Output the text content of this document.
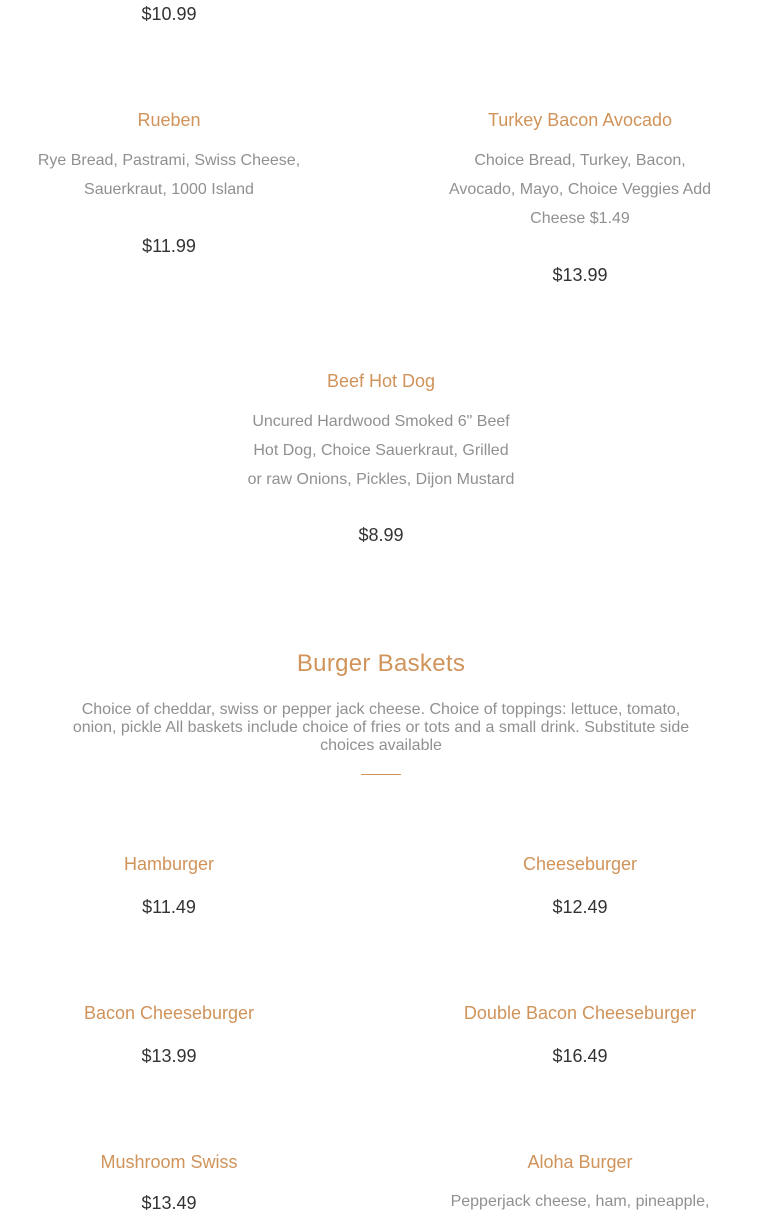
$10.99
Rueben
Rye Bread, Pastrami, Swiss Cheese,
Sauerkraut, 1000 Island
$11.99
Turkey Bacon Avocado
Choice Bread, Turkey, Bacon,
Avocado, Mayo, Choice Veggies Add
Cheese $1.49
$13.99
Beef Hot Dog
Uncured Hardwood Smoked 6" Beef
Hot Dog, Choice Sauerkraut, Grilled
or raw Onions, Pickles, Dijon Mustard
$8.99
Burger Baskets
Choice of cheddar, swiss or pepper jack cheese. Choice of toppings: lettuce, tomato,
onion, pickle All baskets include choice of fries or tots and a small drink. Substitute side
choices available
Hamburger
$11.49
Cheeseburger
$12.49
Bacon Cheeseburger
$13.99
Double Bacon Cheeseburger
$16.49
Mushroom Swiss
$13.49
Aloha Burger
Pepperjack cheese, ham, pineapple,
